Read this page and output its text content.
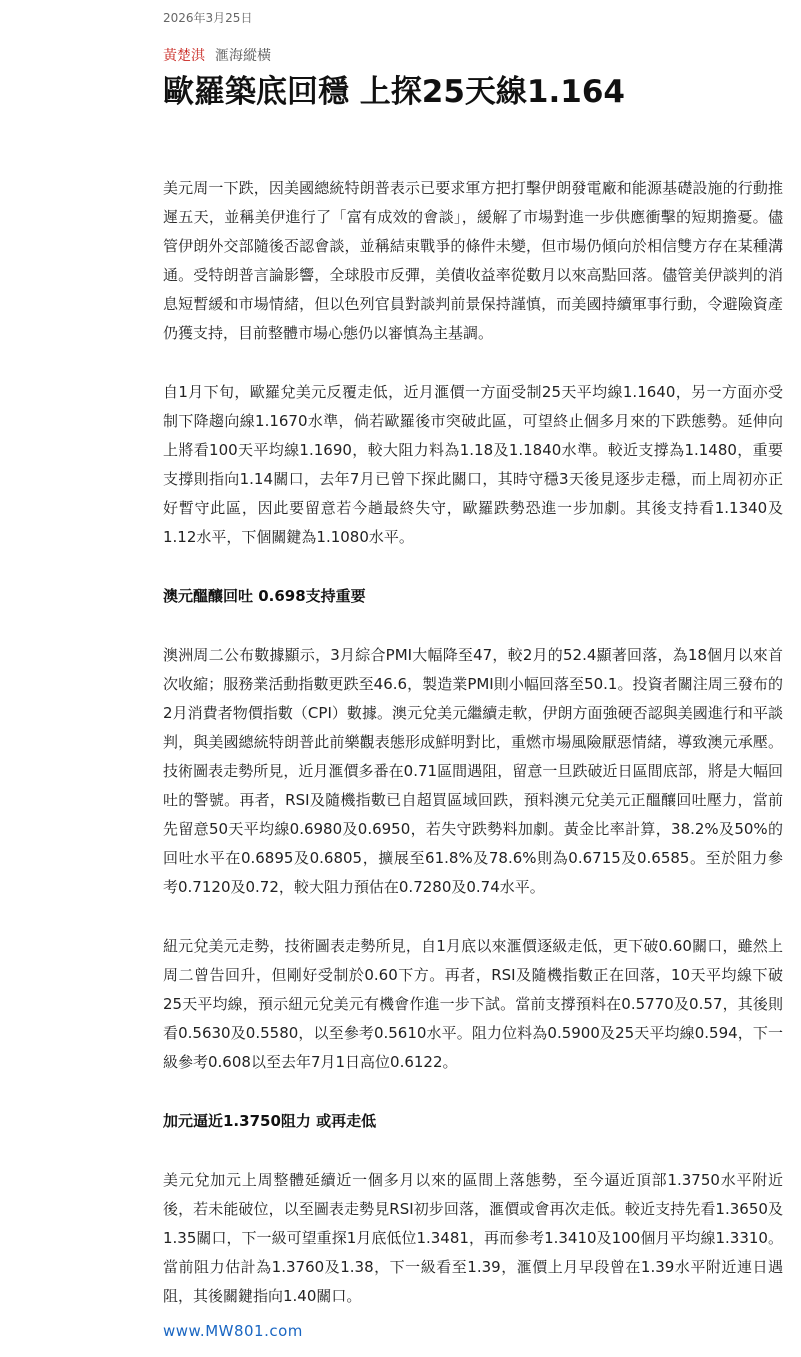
2026年3月25日
黃楚淇 滙海縱橫
歐羅築底回穩 上探25天線1.164

美元周一下跌，因美國總統特朗普表示已要求軍方把打擊伊朗發電廠和能源基礎設施的行動推遲五天，並稱美伊進行了「富有成效的會談」，緩解了市場對進一步供應衝擊的短期擔憂。儘管伊朗外交部隨後否認會談，並稱結束戰爭的條件未變，但市場仍傾向於相信雙方存在某種溝通。受特朗普言論影響，全球股市反彈，美債收益率從數月以來高點回落。儘管美伊談判的消息短暫緩和市場情緒，但以色列官員對談判前景保持謹慎，而美國持續軍事行動，令避險資產仍獲支持，目前整體市場心態仍以審慎為主基調。

自1月下旬，歐羅兌美元反覆走低，近月滙價一方面受制25天平均線1.1640，另一方面亦受制下降趨向線1.1670水準，倘若歐羅後市突破此區，可望終止個多月來的下跌態勢。延伸向上將看100天平均線1.1690，較大阻力料為1.18及1.1840水準。較近支撐為1.1480，重要支撐則指向1.14關口，去年7月已曾下探此關口，其時守穩3天後見逐步走穩，而上周初亦正好暫守此區，因此要留意若今趟最終失守，歐羅跌勢恐進一步加劇。其後支持看1.1340及1.12水平，下個關鍵為1.1080水平。

澳元醞釀回吐 0.698支持重要

澳洲周二公布數據顯示，3月綜合PMI大幅降至47，較2月的52.4顯著回落，為18個月以來首次收縮；服務業活動指數更跌至46.6，製造業PMI則小幅回落至50.1。投資者關注周三發布的2月消費者物價指數（CPI）數據。澳元兌美元繼續走軟，伊朗方面強硬否認與美國進行和平談判，與美國總統特朗普此前樂觀表態形成鮮明對比，重燃市場風險厭惡情緒，導致澳元承壓。技術圖表走勢所見，近月滙價多番在0.71區間遇阻，留意一旦跌破近日區間底部，將是大幅回吐的警號。再者，RSI及隨機指數已自超買區域回跌，預料澳元兌美元正醞釀回吐壓力，當前先留意50天平均線0.6980及0.6950，若失守跌勢料加劇。黃金比率計算，38.2%及50%的回吐水平在0.6895及0.6805，擴展至61.8%及78.6%則為0.6715及0.6585。至於阻力參考0.7120及0.72，較大阻力預估在0.7280及0.74水平。

紐元兌美元走勢，技術圖表走勢所見，自1月底以來滙價逐級走低，更下破0.60關口，雖然上周二曾告回升，但剛好受制於0.60下方。再者，RSI及隨機指數正在回落，10天平均線下破25天平均線，預示紐元兌美元有機會作進一步下試。當前支撐預料在0.5770及0.57，其後則看0.5630及0.5580，以至參考0.5610水平。阻力位料為0.5900及25天平均線0.594，下一級參考0.608以至去年7月1日高位0.6122。

加元逼近1.3750阻力 或再走低

美元兌加元上周整體延續近一個多月以來的區間上落態勢，至今逼近頂部1.3750水平附近後，若未能破位，以至圖表走勢見RSI初步回落，滙價或會再次走低。較近支持先看1.3650及1.35關口，下一級可望重探1月底低位1.3481，再而參考1.3410及100個月平均線1.3310。當前阻力估計為1.3760及1.38，下一級看至1.39，滙價上月早段曾在1.39水平附近連日遇阻，其後關鍵指向1.40關口。

www.MW801.com
